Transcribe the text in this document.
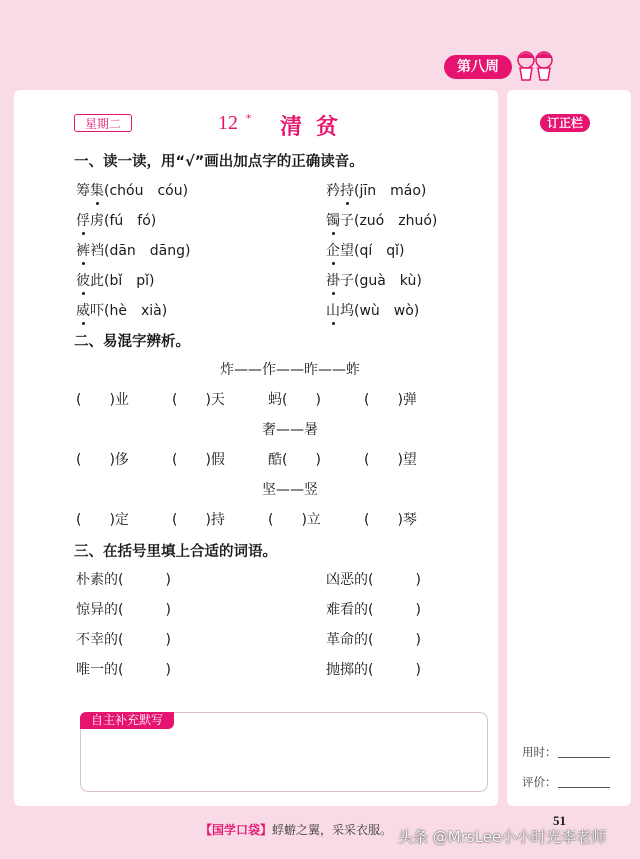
第八周
星期二	12 * 清贫	订正栏
一、读一读，用“√”画出加点字的正确读音。
筹集(chóu　cóu)	矜持(jīn　máo)
俘虏(fú　fó)	镯子(zuó　zhuó)
裤裆(dān　dāng)	企望(qí　qǐ)
彼此(bǐ　pǐ)	褂子(guà　kù)
威吓(hè　xià)	山坞(wù　wò)
二、易混字辨析。
炸——作——昨——蚱
(　　)业	(　　)天	蚂(　　)	(　　)弹
奢——暑
(　　)侈	(　　)假	酷(　　)	(　　)望
坚——竖
(　　)定	(　　)持	(　　)立	(　　)琴
三、在括号里填上合适的词语。
朴素的(　　　)	凶恶的(　　　)
惊异的(　　　)	难看的(　　　)
不幸的(　　　)	革命的(　　　)
唯一的(　　　)	抛掷的(　　　)
自主补充默写
用时：
评价：
【国学口袋】蜉蝣之翼，采采衣服。
51
头条 @MrsLee小小时光李老师
